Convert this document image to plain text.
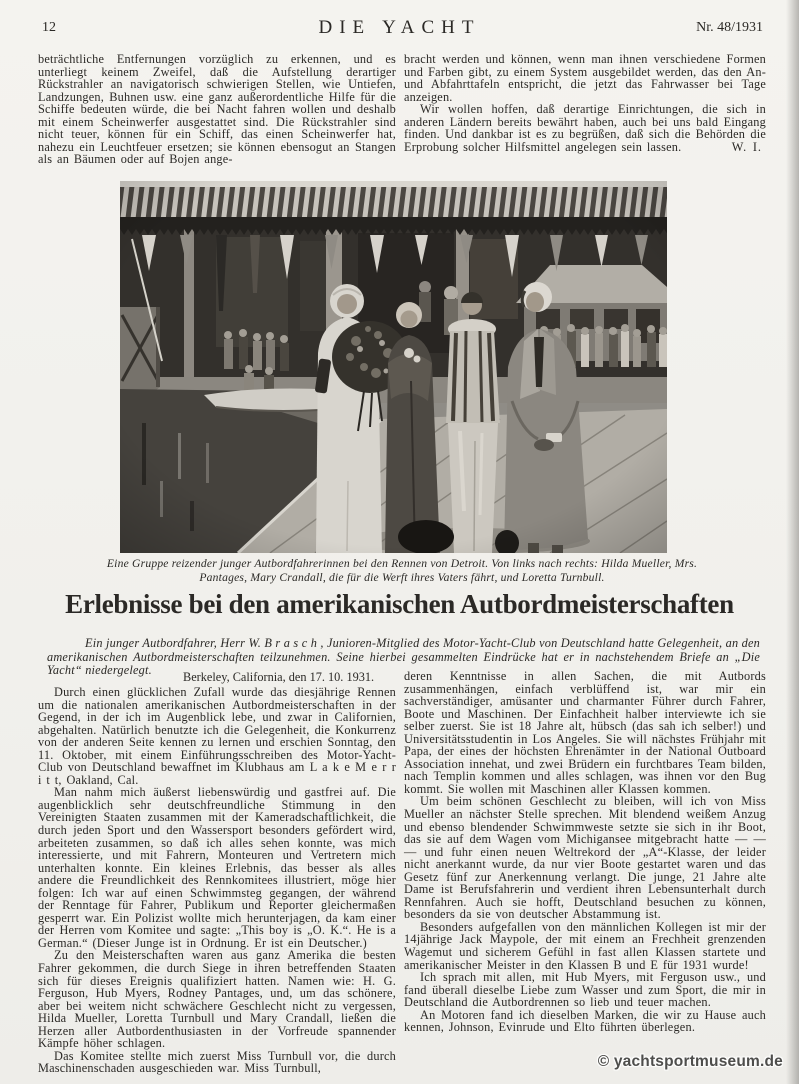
12	DIE YACHT	Nr. 48/1931

beträchtliche Entfernungen vorzüglich zu erkennen, und es unterliegt keinem Zweifel, daß die Aufstellung derartiger Rückstrahler an navigatorisch schwierigen Stellen, wie Untiefen, Landzungen, Buhnen usw. eine ganz außerordentliche Hilfe für die Schiffe bedeuten würde, die bei Nacht fahren wollen und deshalb mit einem Scheinwerfer ausgestattet sind. Die Rückstrahler sind nicht teuer, können für ein Schiff, das einen Scheinwerfer hat, nahezu ein Leuchtfeuer ersetzen; sie können ebensogut an Stangen als an Bäumen oder auf Bojen ange-

bracht werden und können, wenn man ihnen verschiedene Formen und Farben gibt, zu einem System ausgebildet werden, das den An- und Abfahrttafeln entspricht, die jetzt das Fahrwasser bei Tage anzeigen.

Wir wollen hoffen, daß derartige Einrichtungen, die sich in anderen Ländern bereits bewährt haben, auch bei uns bald Eingang finden. Und dankbar ist es zu begrüßen, daß sich die Behörden die Erprobung solcher Hilfsmittel angelegen sein lassen.	W. I.

Eine Gruppe reizender junger Autbordfahrerinnen bei den Rennen von Detroit. Von links nach rechts: Hilda Mueller, Mrs.
Pantages, Mary Crandall, die für die Werft ihres Vaters fährt, und Loretta Turnbull.
Erlebnisse bei den amerikanischen Autbordmeisterschaften

Ein junger Autbordfahrer, Herr W. B r a s c h , Junioren-Mitglied des Motor-Yacht-Club von Deutschland hatte Gelegenheit, an den amerikanischen Autbordmeisterschaften teilzunehmen. Seine hierbei gesammelten Eindrücke hat er in nachstehendem Briefe an „Die Yacht“ niedergelegt.	Berkeley, California, den 17. 10. 1931.

Durch einen glücklichen Zufall wurde das diesjährige Rennen um die nationalen amerikanischen Autbordmeisterschaften in der Gegend, in der ich im Augenblick lebe, und zwar in Californien, abgehalten. Natürlich benutzte ich die Gelegenheit, die Konkurrenz von der anderen Seite kennen zu lernen und erschien Sonntag, den 11. Oktober, mit einem Einführungsschreiben des Motor-Yacht-Club von Deutschland bewaffnet im Klubhaus am L a k e M e r r i t t, Oakland, Cal.

Man nahm mich äußerst liebenswürdig und gastfrei auf. Die augenblicklich sehr deutschfreundliche Stimmung in den Vereinigten Staaten zusammen mit der Kameradschaftlichkeit, die durch jeden Sport und den Wassersport besonders gefördert wird, arbeiteten zusammen, so daß ich alles sehen konnte, was mich interessierte, und mit Fahrern, Monteuren und Vertretern mich unterhalten konnte. Ein kleines Erlebnis, das besser als alles andere die Freundlichkeit des Rennkomitees illustriert, möge hier folgen: Ich war auf einen Schwimmsteg gegangen, der während der Renntage für Fahrer, Publikum und Reporter gleichermaßen gesperrt war. Ein Polizist wollte mich herunterjagen, da kam einer der Herren vom Komitee und sagte: „This boy is „O. K.“. He is a German.“ (Dieser Junge ist in Ordnung. Er ist ein Deutscher.)

Zu den Meisterschaften waren aus ganz Amerika die besten Fahrer gekommen, die durch Siege in ihren betreffenden Staaten sich für dieses Ereignis qualifiziert hatten. Namen wie: H. G. Ferguson, Hub Myers, Rodney Pantages, und, um das schönere, aber bei weitem nicht schwächere Geschlecht nicht zu vergessen, Hilda Mueller, Loretta Turnbull und Mary Crandall, ließen die Herzen aller Autbordenthusiasten in der Vorfreude spannender Kämpfe höher schlagen.

Das Komitee stellte mich zuerst Miss Turnbull vor, die durch Maschinenschaden ausgeschieden war. Miss Turnbull,

deren Kenntnisse in allen Sachen, die mit Autbords zusammenhängen, einfach verblüffend ist, war mir ein sachverständiger, amüsanter und charmanter Führer durch Fahrer, Boote und Maschinen. Der Einfachheit halber interviewte ich sie selber zuerst. Sie ist 18 Jahre alt, hübsch (das sah ich selber!) und Universitätsstudentin in Los Angeles. Sie will nächstes Frühjahr mit Papa, der eines der höchsten Ehrenämter in der National Outboard Association innehat, und zwei Brüdern ein furchtbares Team bilden, nach Templin kommen und alles schlagen, was ihnen vor den Bug kommt. Sie wollen mit Maschinen aller Klassen kommen.

Um beim schönen Geschlecht zu bleiben, will ich von Miss Mueller an nächster Stelle sprechen. Mit blendend weißem Anzug und ebenso blendender Schwimmweste setzte sie sich in ihr Boot, das sie auf dem Wagen vom Michigansee mitgebracht hatte — — — und fuhr einen neuen Weltrekord der „A“-Klasse, der leider nicht anerkannt wurde, da nur vier Boote gestartet waren und das Gesetz fünf zur Anerkennung verlangt. Die junge, 21 Jahre alte Dame ist Berufsfahrerin und verdient ihren Lebensunterhalt durch Rennfahren. Auch sie hofft, Deutschland besuchen zu können, besonders da sie von deutscher Abstammung ist.

Besonders aufgefallen von den männlichen Kollegen ist mir der 14jährige Jack Maypole, der mit einem an Frechheit grenzenden Wagemut und sicherem Gefühl in fast allen Klassen startete und amerikanischer Meister in den Klassen B und E für 1931 wurde!

Ich sprach mit allen, mit Hub Myers, mit Ferguson usw., und fand überall dieselbe Liebe zum Wasser und zum Sport, die mir in Deutschland die Autbordrennen so lieb und teuer machen.

An Motoren fand ich dieselben Marken, die wir zu Hause auch kennen, Johnson, Evinrude und Elto führten überlegen.

© yachtsportmuseum.de
